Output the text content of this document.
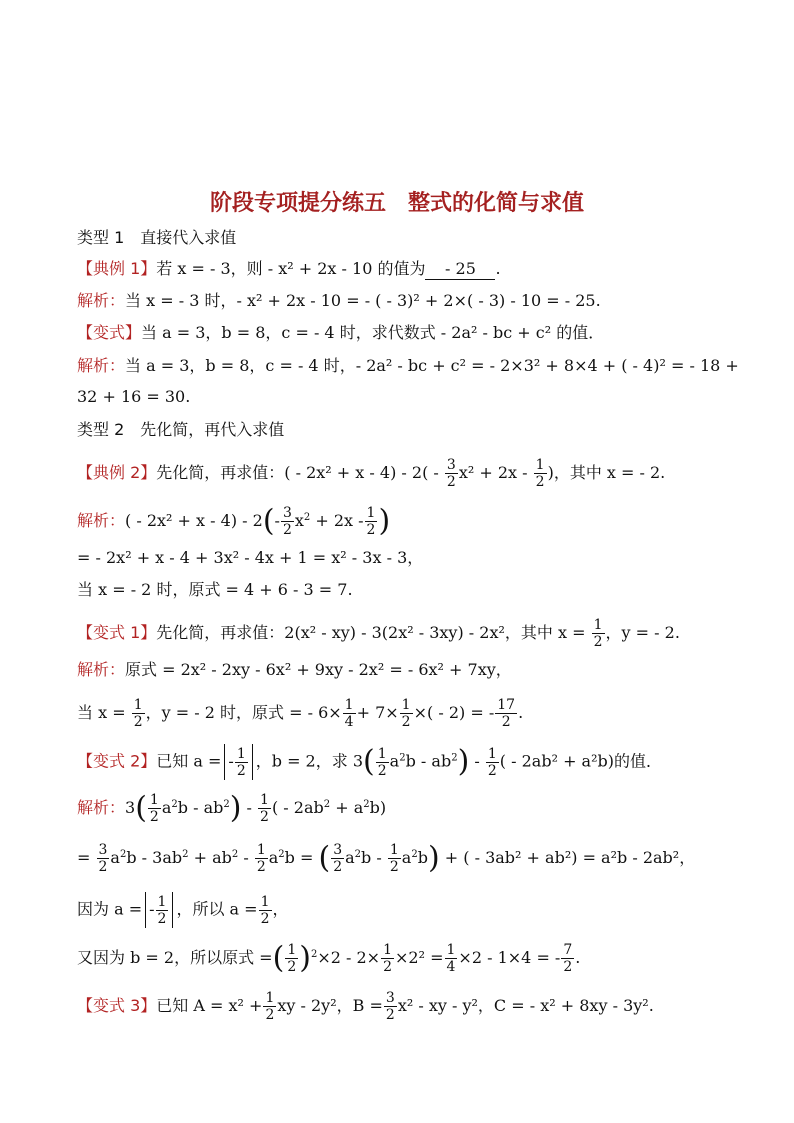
阶段专项提分练五　整式的化简与求值
类型 1　直接代入求值
【典例 1】若 x = - 3，则 - x² + 2x - 10 的值为 - 25 .
解析：当 x = - 3 时，- x² + 2x - 10 = - ( - 3)² + 2×( - 3) - 10 = - 25.
【变式】当 a = 3，b = 8，c = - 4 时，求代数式 - 2a² - bc + c² 的值．
解析：当 a = 3，b = 8，c = - 4 时，- 2a² - bc + c² = - 2×3² + 8×4 + ( - 4)² = - 18 +
32 + 16 = 30.
类型 2　先化简，再代入求值
【典例 2】先化简，再求值：( - $2x^2 + x - 4) - 2( - \frac{3}{2} x^2 + 2x - \frac{1}{2}$ )，其中 x = - 2.
解析：( - $2x^2 + x - 4) - 2(- \frac{3}{2} x^2 + 2x - \frac{1}{2}$ )
= - 2x² + x - 4 + 3x² - 4x + 1 = x² - 3x - 3，
当 x = - 2 时，原式 = 4 + 6 - 3 = 7.
【变式 1】先化简，再求值：2(x² - xy) - 3(2x² - 3xy) - 2x²，其中 $x = \frac{1}{2}$ ，y = - 2.
解析：原式 = 2x² - 2xy - 6x² + 9xy - 2x² = - 6x² + 7xy，
当 $x = \frac{1}{2}$ ，y = - 2 时，原式 = - $6\times \frac{1}{4} + 7\times \frac{1}{2}$ ×( - 2) = - $\frac{17}{2}$ .
【变式 2】已知 a = - $\frac{1}{2}$ ，b = 2，求 $3( \frac{1}{2} a^2b - ab^2) - \frac{1}{2}$ ( - 2ab² + a²b)的值．
解析：$3( \frac{1}{2} a^2b - ab^2) - \frac{1}{2}$ ( - $2ab^2 + a^2b$)
= $\frac{3}{2} a^2b - 3ab^2 + ab^2 - \frac{1}{2} a^2b$ = ( $\frac{3}{2} a^2b - \frac{1}{2} a^2b$) + ( - 3ab² + ab²) = a²b - 2ab²，
因为 a = - $\frac{1}{2}$ ，所以 $a = \frac{1}{2}$ ，
又因为 b = 2，所以原式 =( $\frac{1}{2} )^2\times 2 - 2\times \frac{1}{2} \times 2^2 = \frac{1}{4} \times 2 - 1\times 4$ = - $\frac{7}{2}$ .
【变式 3】已知 $A = x^2 + \frac{1}{2}$ xy - 2y²，$B = \frac{3}{2} x^2$ - xy - y²，C = - x² + 8xy - 3y².
